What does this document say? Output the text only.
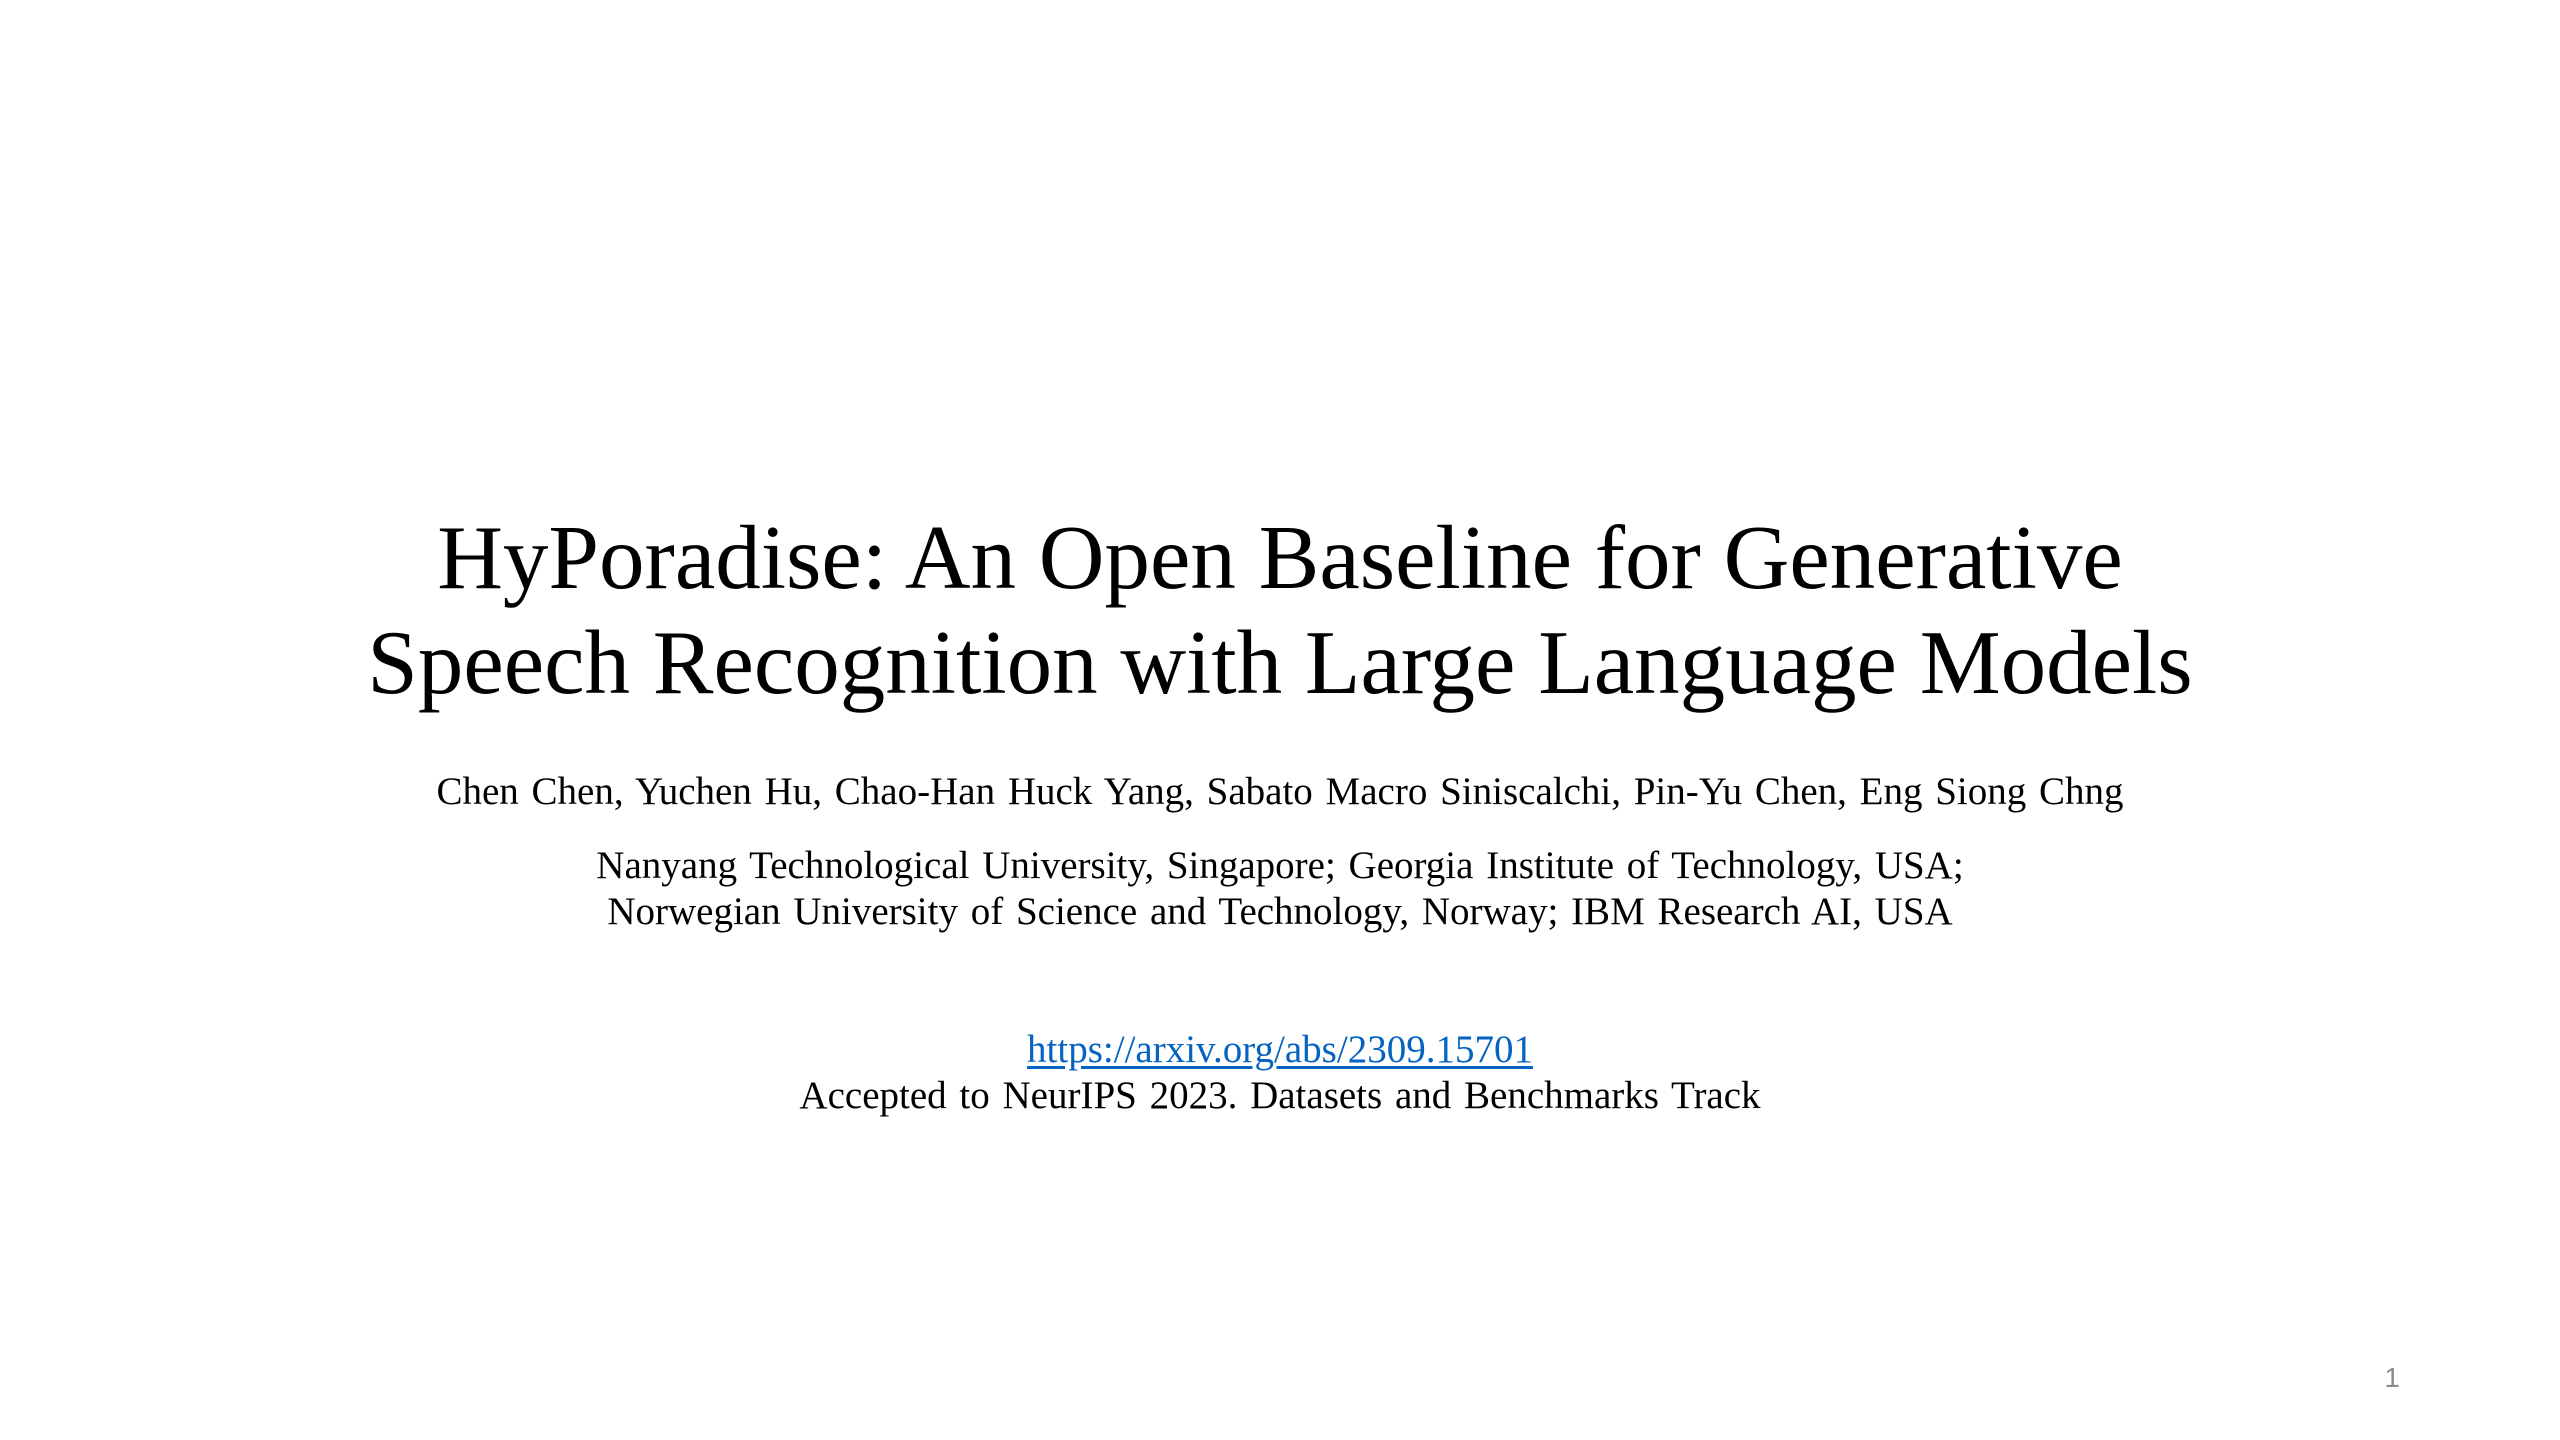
HyPoradise: An Open Baseline for Generative
Speech Recognition with Large Language Models
Chen Chen, Yuchen Hu, Chao-Han Huck Yang, Sabato Macro Siniscalchi, Pin-Yu Chen, Eng Siong Chng
Nanyang Technological University, Singapore; Georgia Institute of Technology, USA;
Norwegian University of Science and Technology, Norway; IBM Research AI, USA
https://arxiv.org/abs/2309.15701
Accepted to NeurIPS 2023. Datasets and Benchmarks Track
1
